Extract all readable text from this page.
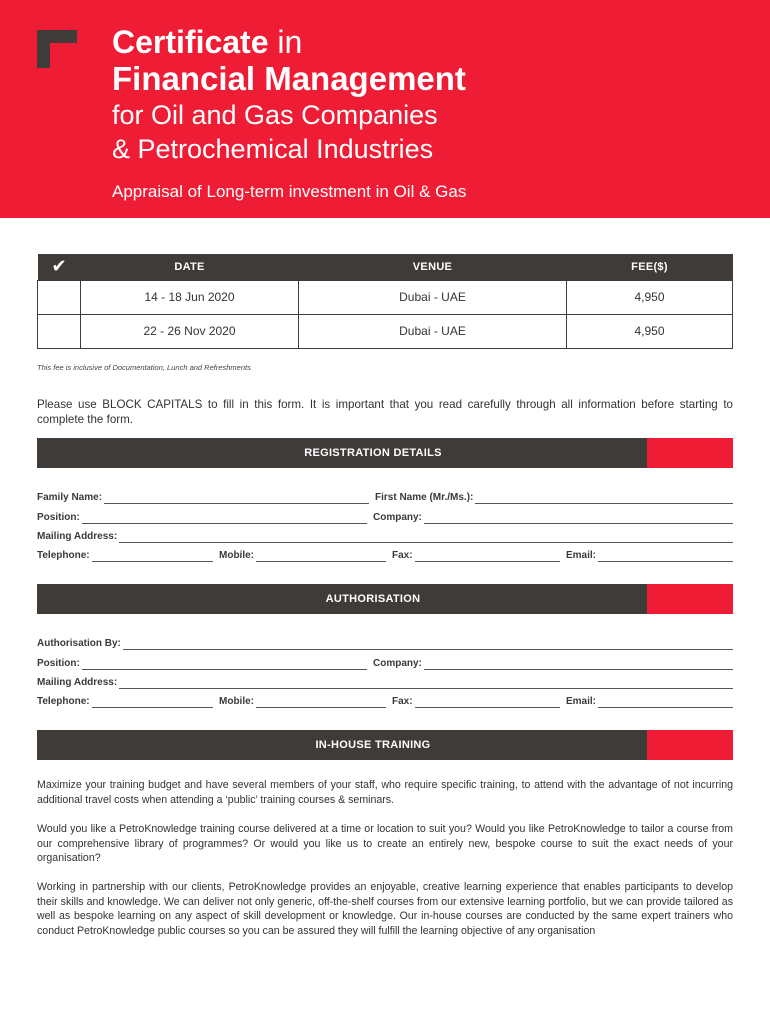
Certificate in
Financial Management
for Oil and Gas Companies
& Petrochemical Industries
Appraisal of Long-term investment in Oil & Gas
✔	DATE	VENUE	FEE($)
	14 - 18 Jun 2020	Dubai - UAE	4,950
	22 - 26 Nov 2020	Dubai - UAE	4,950
This fee is inclusive of Documentation, Lunch and Refreshments
Please use BLOCK CAPITALS to fill in this form. It is important that you read carefully through all information before starting to complete the form.
REGISTRATION DETAILS
Family Name:	First Name (Mr./Ms.):
Position:	Company:
Mailing Address:
Telephone:	Mobile:	Fax:	Email:
AUTHORISATION
Authorisation By:
Position:	Company:
Mailing Address:
Telephone:	Mobile:	Fax:	Email:
IN-HOUSE TRAINING
Maximize your training budget and have several members of your staff, who require specific training, to attend with the advantage of not incurring additional travel costs when attending a ‘public’ training courses & seminars.
Would you like a PetroKnowledge training course delivered at a time or location to suit you? Would you like PetroKnowledge to tailor a course from our comprehensive library of programmes? Or would you like us to create an entirely new, bespoke course to suit the exact needs of your organisation?
Working in partnership with our clients, PetroKnowledge provides an enjoyable, creative learning experience that enables participants to develop their skills and knowledge. We can deliver not only generic, off-the-shelf courses from our extensive learning portfolio, but we can provide tailored as well as bespoke learning on any aspect of skill development or knowledge. Our in-house courses are conducted by the same expert trainers who conduct PetroKnowledge public courses so you can be assured they will fulfill the learning objective of any organisation
